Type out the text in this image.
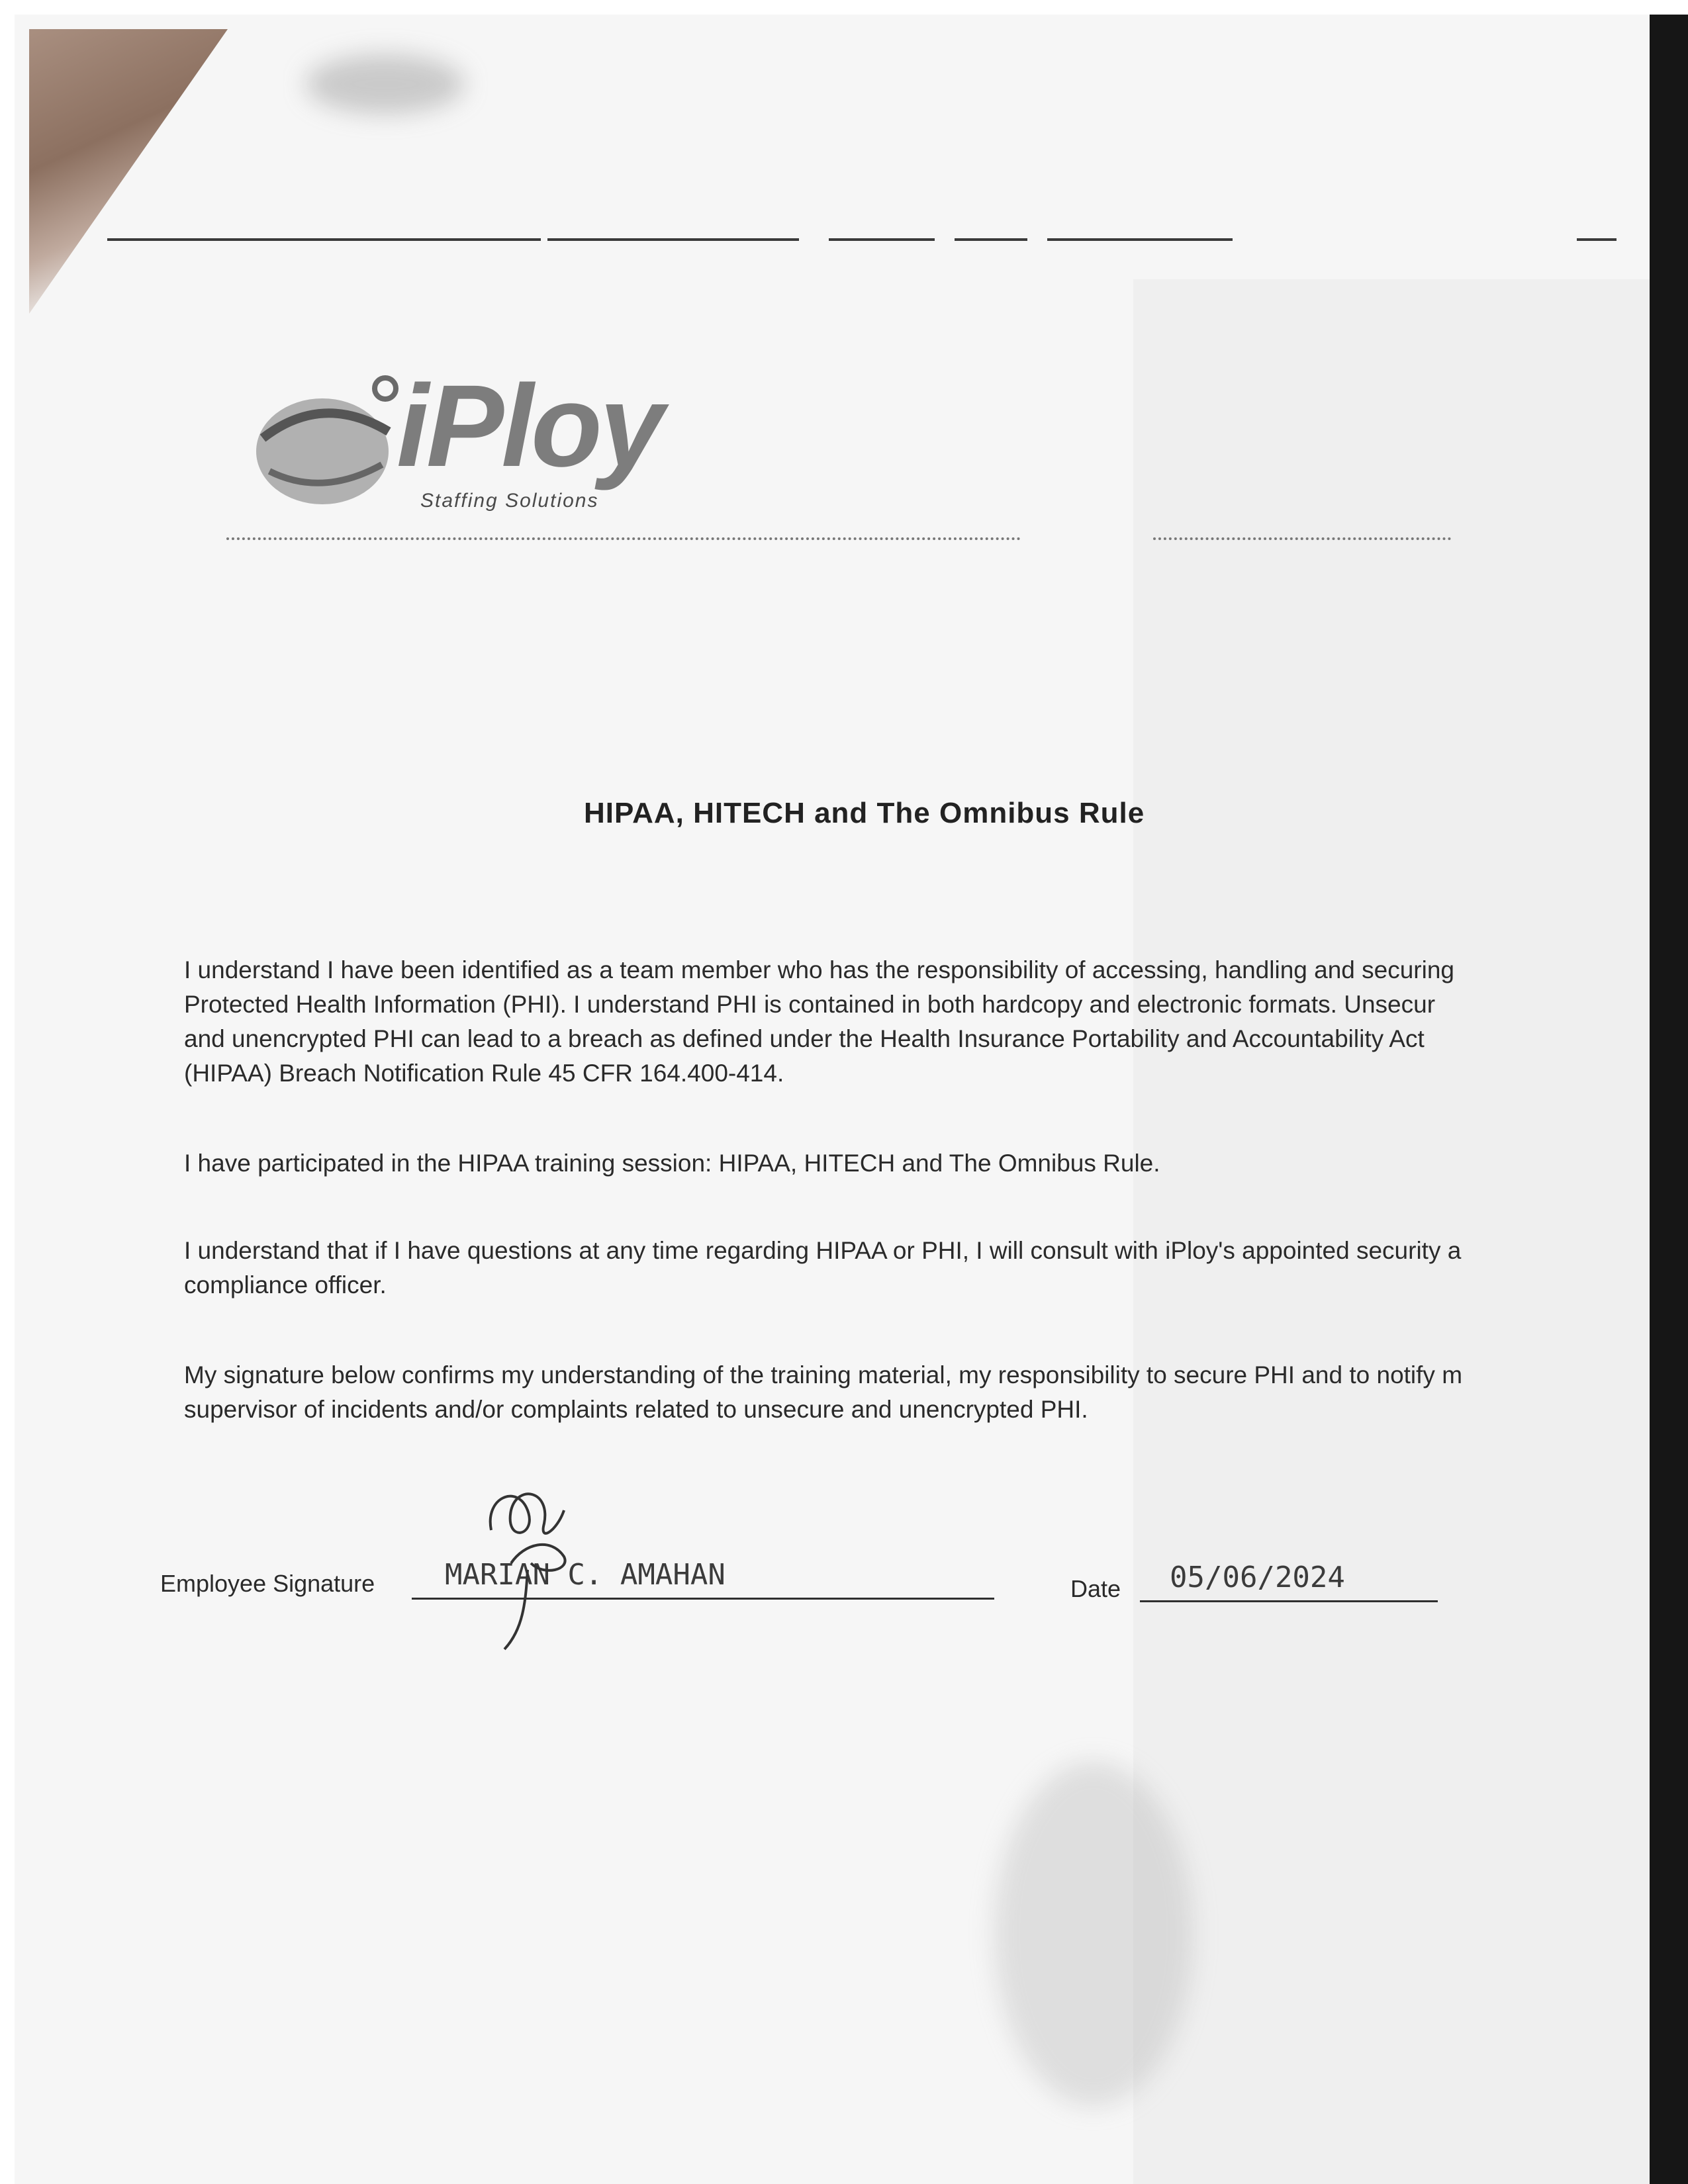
iPloy
Staffing Solutions
HIPAA, HITECH and The Omnibus Rule
I understand I have been identified as a team member who has the responsibility of accessing, handling and securing
Protected Health Information (PHI). I understand PHI is contained in both hardcopy and electronic formats. Unsecur
and unencrypted PHI can lead to a breach as defined under the Health Insurance Portability and Accountability Act
(HIPAA) Breach Notification Rule 45 CFR 164.400-414.
I have participated in the HIPAA training session: HIPAA, HITECH and The Omnibus Rule.
I understand that if I have questions at any time regarding HIPAA or PHI, I will consult with iPloy's appointed security a
compliance officer.
My signature below confirms my understanding of the training material, my responsibility to secure PHI and to notify m
supervisor of incidents and/or complaints related to unsecure and unencrypted PHI.
Employee Signature MARIAN C. AMAHAN	Date 05/06/2024
